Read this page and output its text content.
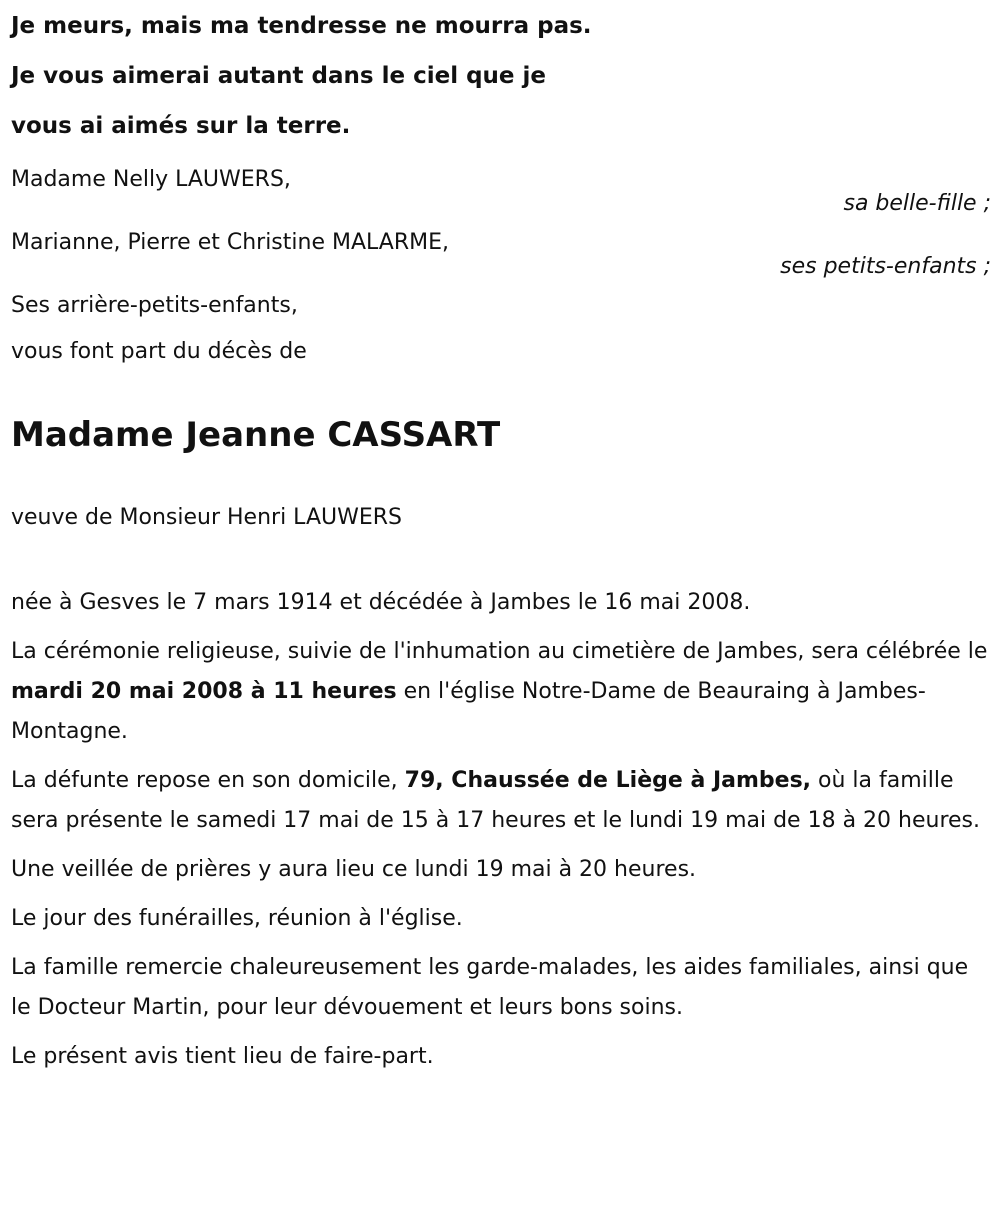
Je meurs, mais ma tendresse ne mourra pas.
Je vous aimerai autant dans le ciel que je
vous ai aimés sur la terre.
Madame Nelly LAUWERS,
sa belle-fille ;
Marianne, Pierre et Christine MALARME,
ses petits-enfants ;
Ses arrière-petits-enfants,
vous font part du décès de
Madame Jeanne CASSART
veuve de Monsieur Henri LAUWERS

née à Gesves le 7 mars 1914 et décédée à Jambes le 16 mai 2008.

La cérémonie religieuse, suivie de l'inhumation au cimetière de Jambes, sera célébrée le mardi 20 mai 2008 à 11 heures en l'église Notre-Dame de Beauraing à Jambes-Montagne.

La défunte repose en son domicile, 79, Chaussée de Liège à Jambes, où la famille sera présente le samedi 17 mai de 15 à 17 heures et le lundi 19 mai de 18 à 20 heures.

Une veillée de prières y aura lieu ce lundi 19 mai à 20 heures.

Le jour des funérailles, réunion à l'église.

La famille remercie chaleureusement les garde-malades, les aides familiales, ainsi que le Docteur Martin, pour leur dévouement et leurs bons soins.

Le présent avis tient lieu de faire-part.
